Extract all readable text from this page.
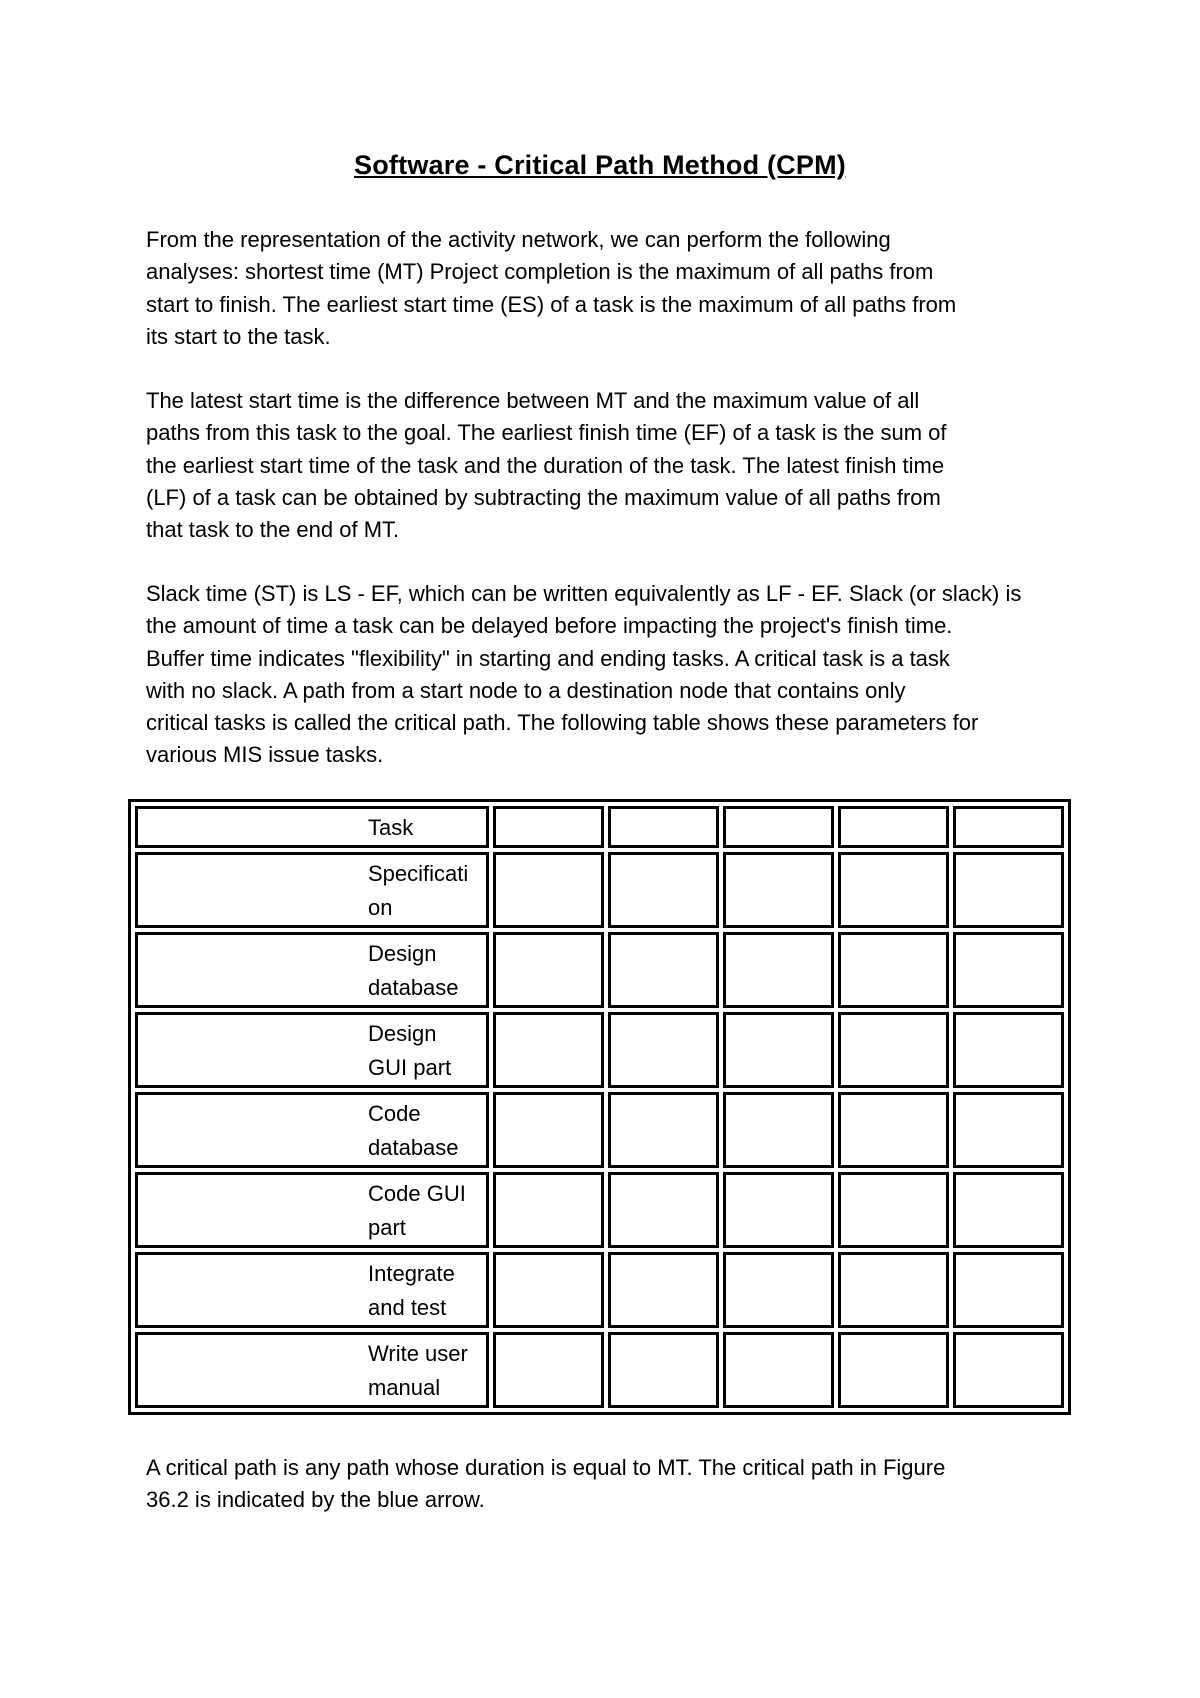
Software - Critical Path Method (CPM)

From the representation of the activity network, we can perform the following
analyses: shortest time (MT) Project completion is the maximum of all paths from
start to finish. The earliest start time (ES) of a task is the maximum of all paths from
its start to the task.

The latest start time is the difference between MT and the maximum value of all
paths from this task to the goal. The earliest finish time (EF) of a task is the sum of
the earliest start time of the task and the duration of the task. The latest finish time
(LF) of a task can be obtained by subtracting the maximum value of all paths from
that task to the end of MT.

Slack time (ST) is LS - EF, which can be written equivalently as LF - EF. Slack (or slack) is
the amount of time a task can be delayed before impacting the project's finish time.
Buffer time indicates "flexibility" in starting and ending tasks. A critical task is a task
with no slack. A path from a start node to a destination node that contains only
critical tasks is called the critical path. The following table shows these parameters for
various MIS issue tasks.

Task					

Specificati
on					

Design
database					

Design
GUI part					

Code
database					

Code GUI
part					

Integrate
and test					

Write user
manual					

A critical path is any path whose duration is equal to MT. The critical path in Figure
36.2 is indicated by the blue arrow.
